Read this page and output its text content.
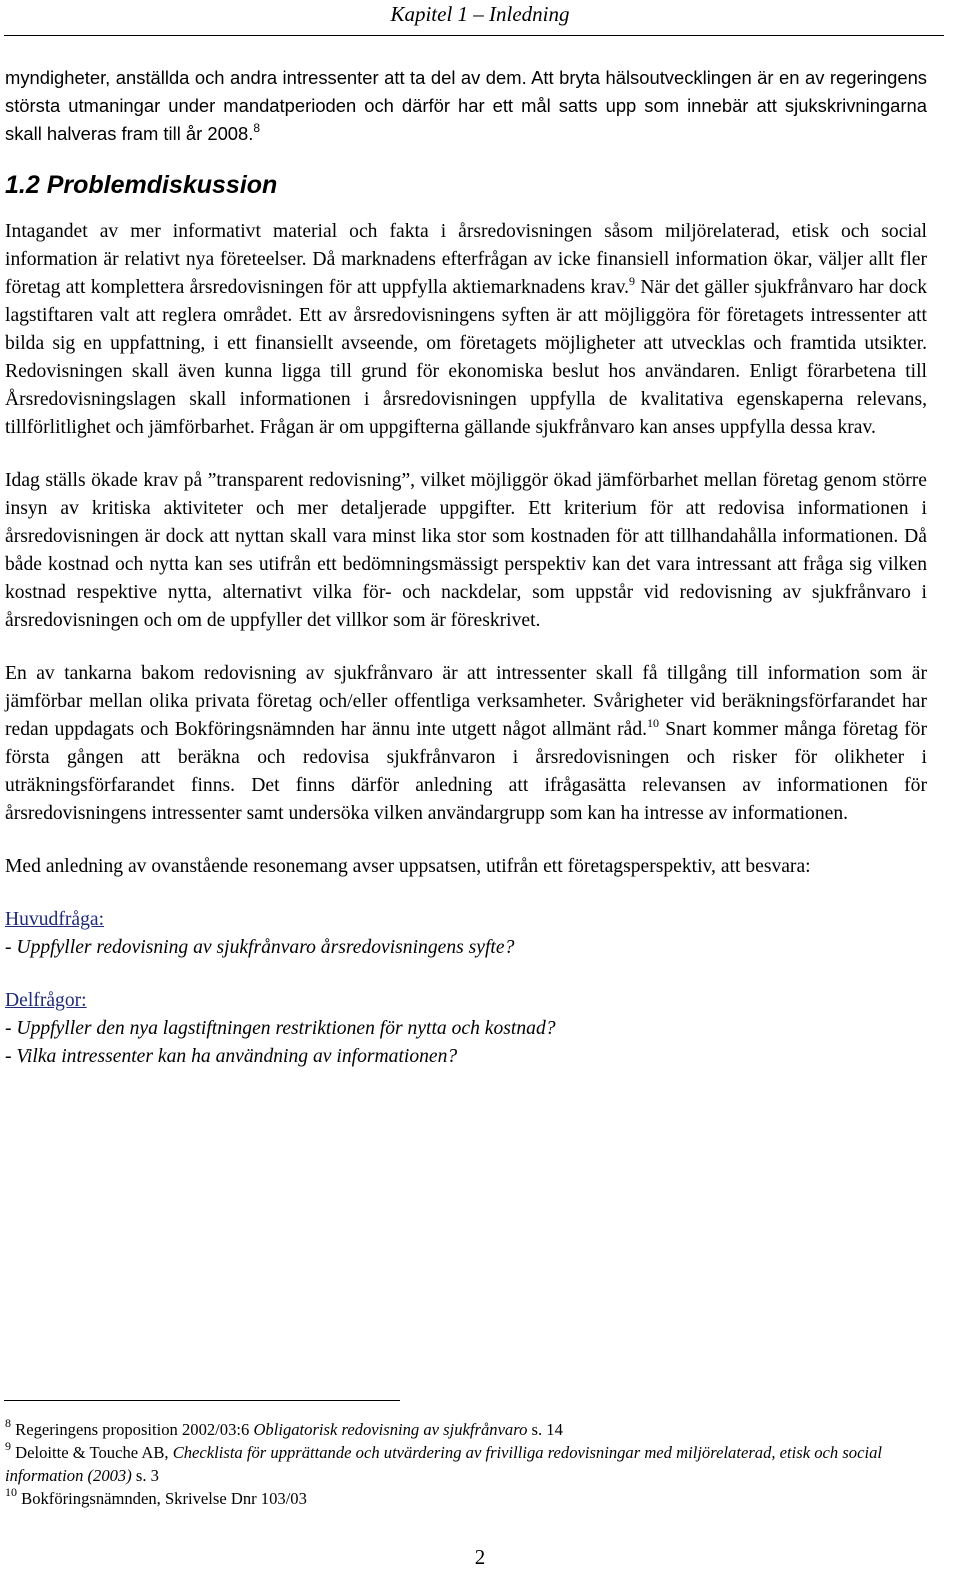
Kapitel 1 – Inledning

myndigheter, anställda och andra intressenter att ta del av dem. Att bryta hälsoutvecklingen är en av regeringens största utmaningar under mandatperioden och därför har ett mål satts upp som innebär att sjukskrivningarna skall halveras fram till år 2008.$^8$

1.2 Problemdiskussion

Intagandet av mer informativt material och fakta i årsredovisningen såsom miljörelaterad, etisk och social information är relativt nya företeelser. Då marknadens efterfrågan av icke finansiell information ökar, väljer allt fler företag att komplettera årsredovisningen för att uppfylla aktiemarknadens krav.$^9$ När det gäller sjukfrånvaro har dock lagstiftaren valt att reglera området. Ett av årsredovisningens syften är att möjliggöra för företagets intressenter att bilda sig en uppfattning, i ett finansiellt avseende, om företagets möjligheter att utvecklas och framtida utsikter. Redovisningen skall även kunna ligga till grund för ekonomiska beslut hos användaren. Enligt förarbetena till Årsredovisningslagen skall informationen i årsredovisningen uppfylla de kvalitativa egenskaperna relevans, tillförlitlighet och jämförbarhet. Frågan är om uppgifterna gällande sjukfrånvaro kan anses uppfylla dessa krav.

Idag ställs ökade krav på ”transparent redovisning”, vilket möjliggör ökad jämförbarhet mellan företag genom större insyn av kritiska aktiviteter och mer detaljerade uppgifter. Ett kriterium för att redovisa informationen i årsredovisningen är dock att nyttan skall vara minst lika stor som kostnaden för att tillhandahålla informationen. Då både kostnad och nytta kan ses utifrån ett bedömningsmässigt perspektiv kan det vara intressant att fråga sig vilken kostnad respektive nytta, alternativt vilka för- och nackdelar, som uppstår vid redovisning av sjukfrånvaro i årsredovisningen och om de uppfyller det villkor som är föreskrivet.

En av tankarna bakom redovisning av sjukfrånvaro är att intressenter skall få tillgång till information som är jämförbar mellan olika privata företag och/eller offentliga verksamheter. Svårigheter vid beräkningsförfarandet har redan uppdagats och Bokföringsnämnden har ännu inte utgett något allmänt råd.$^{10}$ Snart kommer många företag för första gången att beräkna och redovisa sjukfrånvaron i årsredovisningen och risker för olikheter i uträkningsförfarandet finns. Det finns därför anledning att ifrågasätta relevansen av informationen för årsredovisningens intressenter samt undersöka vilken användargrupp som kan ha intresse av informationen.

Med anledning av ovanstående resonemang avser uppsatsen, utifrån ett företagsperspektiv, att besvara:

Huvudfråga:
- Uppfyller redovisning av sjukfrånvaro årsredovisningens syfte?
Delfrågor:
- Uppfyller den nya lagstiftningen restriktionen för nytta och kostnad?
- Vilka intressenter kan ha användning av informationen?
$^8$ Regeringens proposition 2002/03:6 Obligatorisk redovisning av sjukfrånvaro s. 14
$^9$ Deloitte & Touche AB, Checklista för upprättande och utvärdering av frivilliga redovisningar med miljörelaterad, etisk och social information (2003) s. 3
$^{10}$ Bokföringsnämnden, Skrivelse Dnr 103/03
2
